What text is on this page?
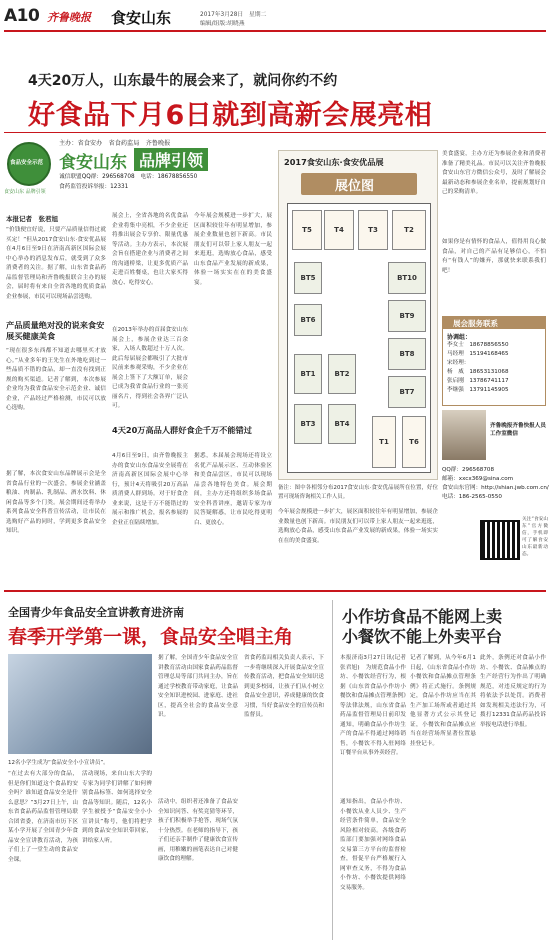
A10 齐鲁晚报 食安山东	2017年3月28日　星期二
编辑/组版:胡晓燕
4天20万人，山东最牛的展会来了，就问你约不约
好食品下月6日就到高新会展亮相
食品安全示范
食安山东 品牌引领
主办：省食安办　省食药监局　齐鲁晚报
食安山东 品牌引领
诚信联盟QQ群：296568708　电话：18678856550
食药监管投诉举报：12331
本报记者　张君旭
“价钱便宜好说，只要产品质量信得过就买定！”但从2017食安山东·食安优品展在4月6日至9日在济南高新区国际会展中心举办的消息发布后，就受到了众多消费者的关注。据了解，山东省食品药品监督管理局和齐鲁晚报联合主办的展会，届时将有来自全省各地的优质食品企业参展，市民可以现场品尝选购。
产品质量绝对没的说来食安展买健康美食
“现在很多东西都不知道去哪里买才放心。”从业多年的王先生在外地吃到过一些品质不错的食品，却一直没有找到正规的购买渠道。记者了解到，本次参展企业均为我省食品安全示范企业、诚信企业，产品经过严格检测，市民可以放心选购。
据了解，本次食安山东品牌展示会是全省食品行业的一次盛会，参展企业涵盖粮油、肉制品、乳制品、酒水饮料、休闲食品等多个门类。展会期间还将举办系列食品安全科普宣传活动，让市民在选购好产品的同时，学到更多食品安全知识。
展会上，全省各地的名优食品企业将集中亮相，不少企业还将推出展会专享价、限量优惠等活动。主办方表示，本次展会旨在搭建企业与消费者之间的沟通桥梁，让更多优质产品走进百姓餐桌，也让大家买得放心、吃得安心。
在2013年举办的首届食安山东展会上，参展企业达三百余家，入场人数超过十万人次。此后每届展会都吸引了大批市民前来参观采购，不少企业在展会上签下了大额订单，展会已成为我省食品行业的一张亮丽名片，得到社会各界广泛认可。
今年展会规模进一步扩大，展区面积较往年有明显增加，参展企业数量也创下新高。市民朋友们可以带上家人朋友一起来逛逛，选购放心食品，感受山东食品产业发展的新成果，体验一场实实在在的美食盛宴。
4天20万高品人群好食企千万不能错过
4月6日至9日，由齐鲁晚报主办的食安山东食品安全展将在济南高新区国际会展中心举行，预计4天将吸引20万高品质消费人群到场。对于好食企业来说，这是千万不能错过的展示和推广机会，报名参展的企业正在陆续增加。
据悉，本届展会现场还将设立名优产品展示区、互动体验区和美食品尝区，市民可以现场品尝各地特色美食。展会期间，主办方还将组织多场食品安全科普讲座，邀请专家为市民答疑解惑，让市民吃得更明白、更放心。
2017食安山东·食安优品展
展位图
T5	T4	T3	T2
BT5	BT10
BT9
BT8
BT7
BT6
BT1	BT2
BT3	BT4
T1	T6
备注：图中各相邻分布2017食安山东·食安优品展所在位置，好位置可现场咨询相关工作人员。
今年展会规模进一步扩大，展区面积较往年有明显增加，参展企业数量也创下新高。市民朋友们可以带上家人朋友一起来逛逛，选购放心食品，感受山东食品产业发展的新成果，体验一场实实在在的美食盛宴。
美食盛宴，主办方还为参展企业和消费者准备了精美礼品。市民可以关注齐鲁晚报食安山东官方微信公众号，及时了解展会最新动态和参展企业名单，提前规划好自己的采购清单。
如果你是有情怀的食品人，值得用良心做食品，对自己的产品有足够信心，不怕有“有钱人”的嫌弃，那就快来联系我们吧！
展会服务联系
协调组：
李女士　18678856550
马经理　15194168465
宋经理：
杨　威　18653131068
张启刚　13786741117
李继强　13791145905
齐鲁晚报齐鲁快报人员工作室微信
QQ群：296568708
邮箱：xxcx369@sina.com
食安山东官网：http://shian.jwb.com.cn/
电话：186-2565-0550
关注“食安山东”官方微信，手机即可了解食安山东最新动态。
全国青少年食品安全宣讲教育进济南
春季开学第一课，食品安全唱主角
12名小学生成为“食品安全小小宣讲员”。
“在过去有大部分的食品，但是你们知道这个食品的安全吗？谁知道食品安全是什么意思？”3月27日上午，山东省食品药品监督管理局联合团省委，在济南市历下区某小学开展了全国青少年食品安全宣讲教育活动，为孩子们上了一堂生动的食品安全课。
活动现场，来自山东大学的专家为同学们讲解了如何辨别食品标签、如何选择安全食品等知识。随后，12名小学生被授予“食品安全小小宣讲员”称号，他们将把学到的食品安全知识带回家，讲给家人听。
据了解，全国青少年食品安全宣讲教育活动由国家食品药品监督管理总局等部门共同主办，旨在通过学校教育带动家庭，让食品安全知识进校园、进家庭、进社区，提高全社会的食品安全意识。
活动中，组织者还准备了食品安全知识问答、有奖竞猜等环节，孩子们积极举手抢答，现场气氛十分热烈。在老师的指导下，孩子们还亲手制作了健康饮食宣传画，用稚嫩的画笔表达自己对健康饮食的理解。
省食药监局相关负责人表示，下一步将继续深入开展食品安全宣传教育活动，把食品安全知识送到更多校园，让孩子们从小树立食品安全意识，养成健康的饮食习惯，当好食品安全的宣传员和监督员。
小作坊食品不能网上卖
小餐饮不能上外卖平台
本报济南3月27日讯(记者 张君旭)　为规范食品小作坊、小餐饮经营行为，根据《山东省食品小作坊小餐饮和食品摊点管理条例》等法律法规，山东省食品药品监督管理局日前印发通知，明确食品小作坊生产的食品不得通过网络销售，小餐饮不得入驻网络订餐平台从事外卖经营。
通知指出，食品小作坊、小餐饮从业人员少、生产经营条件简单，食品安全风险相对较高。各级食药监部门要加强对网络食品交易第三方平台的监督检查，督促平台严格履行入网审查义务，不得为食品小作坊、小餐饮提供网络交易服务。
记者了解到，从今年6月1日起，《山东省食品小作坊小餐饮和食品摊点管理条例》将正式施行。条例规定，食品小作坊应当在其生产加工场所或者通过其他显著方式公示其登记证，小餐饮和食品摊点应当在经营场所显著位置悬挂登记卡。
此外，条例还对食品小作坊、小餐饮、食品摊点的生产经营行为作出了明确规范，对违反规定的行为将依法予以处罚。消费者如发现相关违法行为，可拨打12331食品药品投诉举报电话进行举报。
